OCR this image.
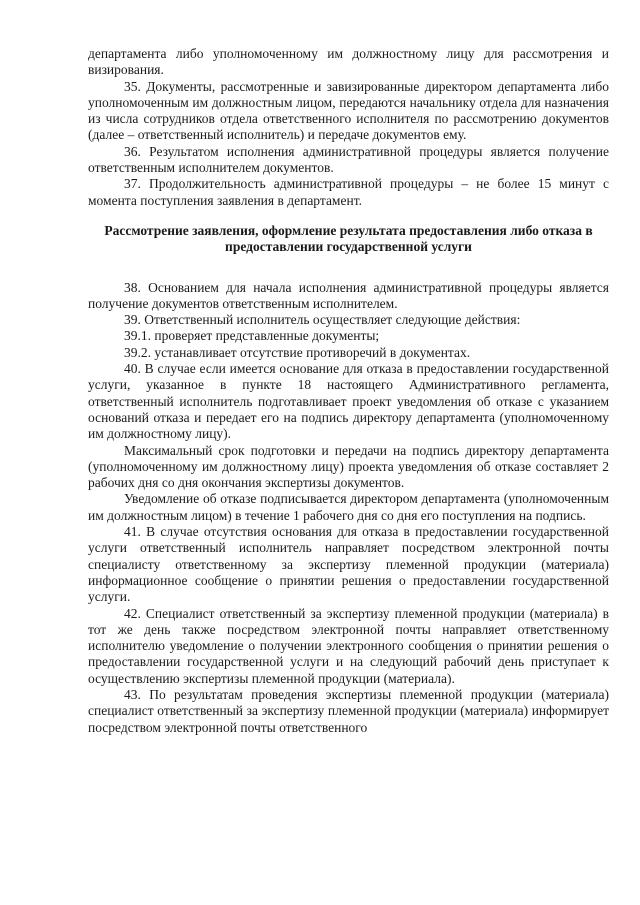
департамента либо уполномоченному им должностному лицу для рассмотрения и визирования.

35. Документы, рассмотренные и завизированные директором департамента либо уполномоченным им должностным лицом, передаются начальнику отдела для назначения из числа сотрудников отдела ответственного исполнителя по рассмотрению документов (далее – ответственный исполнитель) и передаче документов ему.

36. Результатом исполнения административной процедуры является получение ответственным исполнителем документов.

37. Продолжительность административной процедуры – не более 15 минут с момента поступления заявления в департамент.

Рассмотрение заявления, оформление результата предоставления либо отказа в предоставлении государственной услуги

38. Основанием для начала исполнения административной процедуры является получение документов ответственным исполнителем.

39. Ответственный исполнитель осуществляет следующие действия:

39.1. проверяет представленные документы;

39.2. устанавливает отсутствие противоречий в документах.

40. В случае если имеется основание для отказа в предоставлении государственной услуги, указанное в пункте 18 настоящего Административного регламента, ответственный исполнитель подготавливает проект уведомления об отказе с указанием оснований отказа и передает его на подпись директору департамента (уполномоченному им должностному лицу).

Максимальный срок подготовки и передачи на подпись директору департамента (уполномоченному им должностному лицу) проекта уведомления об отказе составляет 2 рабочих дня со дня окончания экспертизы документов.

Уведомление об отказе подписывается директором департамента (уполномоченным им должностным лицом) в течение 1 рабочего дня со дня его поступления на подпись.

41. В случае отсутствия основания для отказа в предоставлении государственной услуги ответственный исполнитель направляет посредством электронной почты специалисту ответственному за экспертизу племенной продукции (материала) информационное сообщение о принятии решения о предоставлении государственной услуги.

42. Специалист ответственный за экспертизу племенной продукции (материала) в тот же день также посредством электронной почты направляет ответственному исполнителю уведомление о получении электронного сообщения о принятии решения о предоставлении государственной услуги и на следующий рабочий день приступает к осуществлению экспертизы племенной продукции (материала).

43. По результатам проведения экспертизы племенной продукции (материала) специалист ответственный за экспертизу племенной продукции (материала) информирует посредством электронной почты ответственного
